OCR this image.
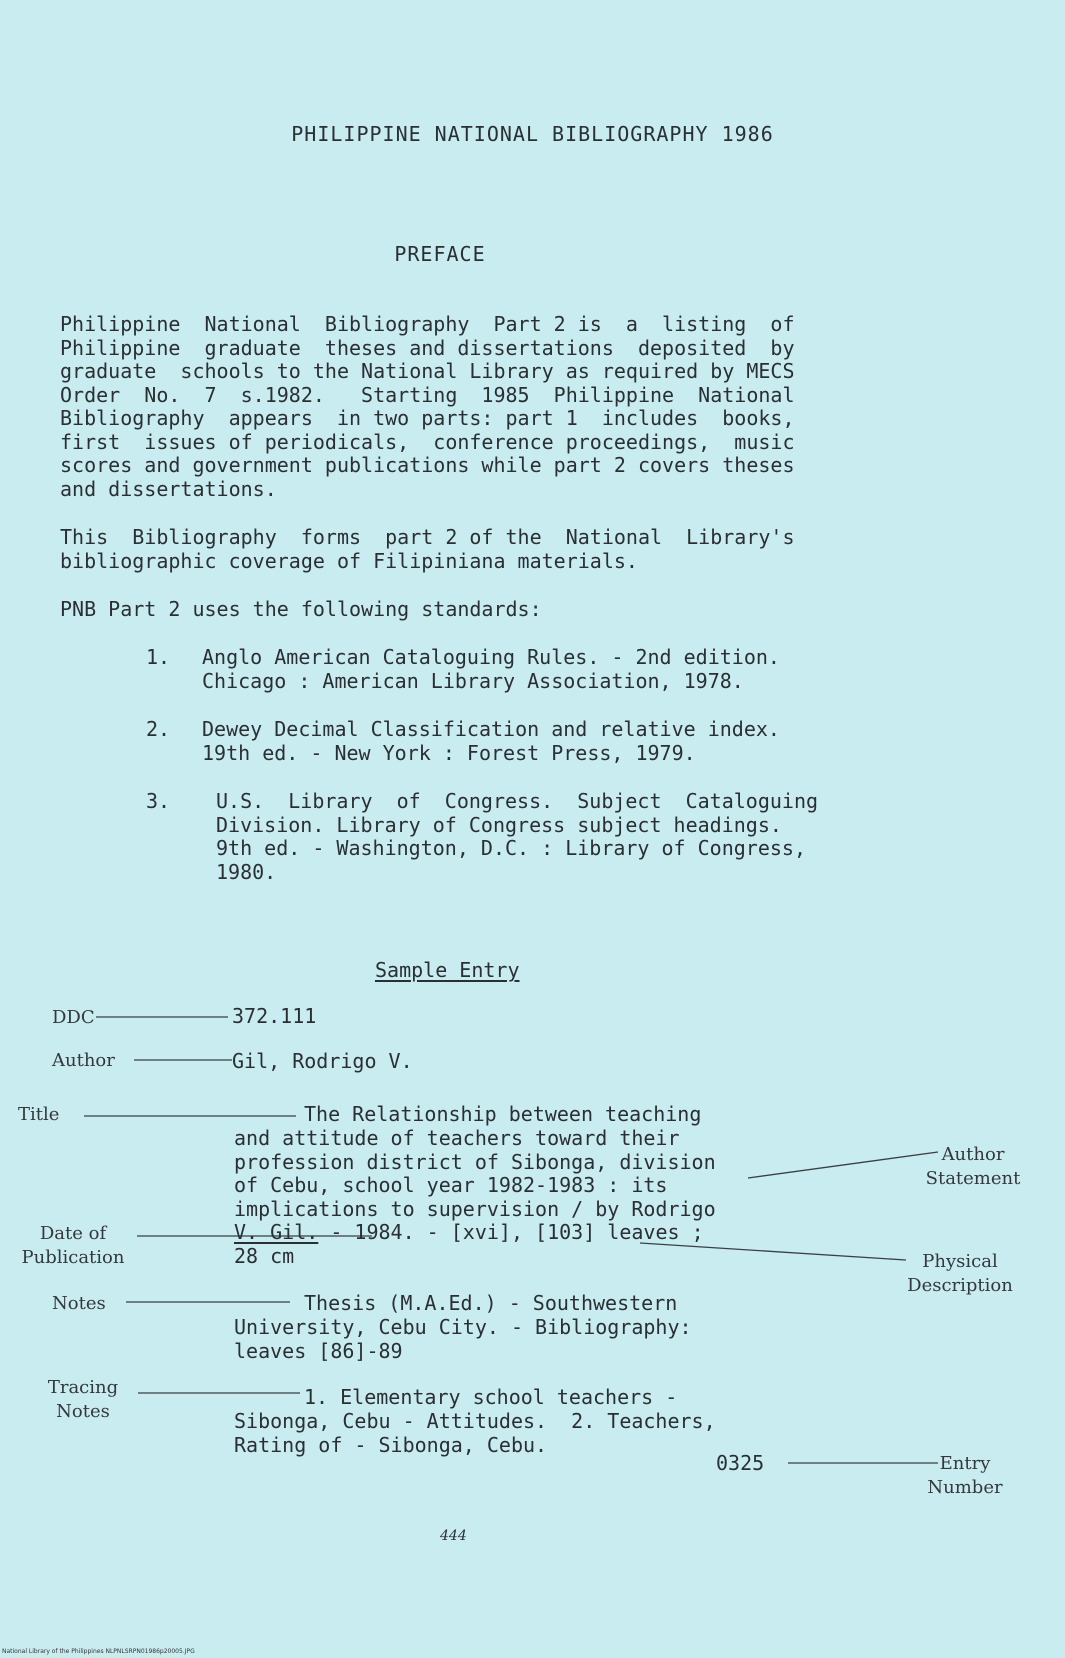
PHILIPPINE NATIONAL BIBLIOGRAPHY 1986
PREFACE
Philippine  National  Bibliography  Part 2 is  a  listing  of
Philippine  graduate  theses and dissertations  deposited  by
graduate  schools to the National Library as required by MECS
Order  No.  7  s.1982.   Starting  1985  Philippine  National
Bibliography  appears  in two parts: part 1  includes  books,
first  issues of periodicals,  conference proceedings,  music
scores and government publications while part 2 covers theses
and dissertations.
This  Bibliography  forms  part 2 of the  National  Library's
bibliographic coverage of Filipiniana materials.
PNB Part 2 uses the following standards:
1. Anglo American Cataloguing Rules. - 2nd edition.
Chicago : American Library Association, 1978.
2. Dewey Decimal Classification and relative index.
19th ed. - New York : Forest Press, 1979.
3. U.S.  Library  of  Congress.  Subject  Cataloguing
Division. Library of Congress subject headings.
9th ed. - Washington, D.C. : Library of Congress,
1980.
Sample Entry
DDC
Author
Title
Date of
Publication
Notes
Tracing
Notes
Author
Statement
Physical
Description
Entry
Number
372.111
Gil, Rodrigo V.
The Relationship between teaching
and attitude of teachers toward their
profession district of Sibonga, division
of Cebu, school year 1982-1983 : its
implications to supervision / by Rodrigo
V. Gil. - 1984. - [xvi], [103] leaves ;
28 cm
Thesis (M.A.Ed.) - Southwestern
University, Cebu City. - Bibliography:
leaves [86]-89
1. Elementary school teachers -
Sibonga, Cebu - Attitudes.  2. Teachers,
Rating of - Sibonga, Cebu.
0325
444
National Library of the Philippines NLPNLSRPN01986p20005.JPG
